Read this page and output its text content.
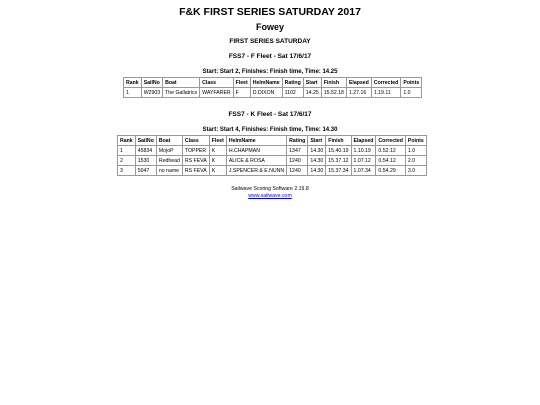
F&K FIRST SERIES SATURDAY 2017
Fowey
FIRST SERIES SATURDAY
FSS7 - F Fleet - Sat 17/6/17
Start: Start 2, Finishes: Finish time, Time: 14.25
Rank	SailNo	Boat	Class	Fleet	HelmName	Rating	Start	Finish	Elapsed	Corrected	Points
1	W2903	The Gallatrics	WAYFARER	F	D.DIXON	1102	14.25	15.52.18	1.27.16	1.19.11	1.0
FSS7 - K Fleet - Sat 17/6/17
Start: Start 4, Finishes: Finish time, Time: 14.30
Rank	SailNo	Boat	Class	Fleet	HelmName	Rating	Start	Finish	Elapsed	Corrected	Points
1	45834	MojoP	TOPPER	K	H.CHAPMAN	1347	14.30	15.40.19	1.10.19	0.52.12	1.0
2	1530	Redhead	RS FEVA	K	ALICE & ROSA	1240	14.30	15.37.12	1.07.12	0.54.12	2.0
3	5047	no name	RS FEVA	K	J.SPENCER & E.NUNN	1240	14.30	15.37.34	1.07.34	0.54.29	3.0
Sailwave Scoring Software 2.19.8
www.sailwave.com
